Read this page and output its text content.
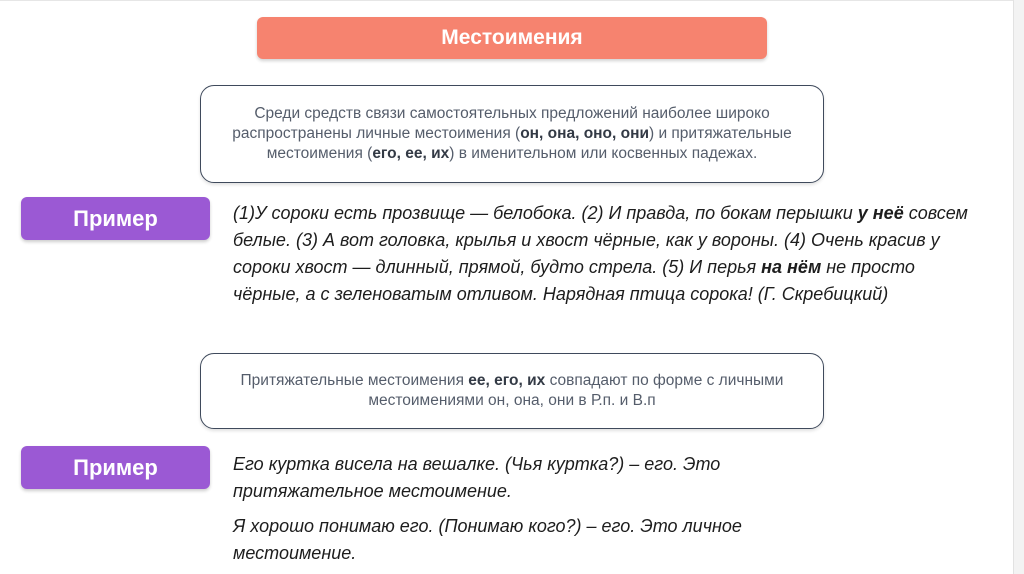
Местоимения
Среди средств связи самостоятельных предложений наиболее широко распространены личные местоимения (он, она, оно, они) и притяжательные местоимения (его, ее, их) в именительном или косвенных падежах.
Пример	(1)У сороки есть прозвище — белобока. (2) И правда, по бокам перышки у неё совсем белые. (3) А вот головка, крылья и хвост чёрные, как у вороны. (4) Очень красив у сороки хвост — длинный, прямой, будто стрела. (5) И перья на нём не просто чёрные, а с зеленоватым отливом. Нарядная птица сорока! (Г. Скребицкий)
Притяжательные местоимения ее, его, их совпадают по форме с личными местоимениями он, она, они в Р.п. и В.п
Пример	Его куртка висела на вешалке. (Чья куртка?) – его. Это притяжательное местоимение.
Я хорошо понимаю его. (Понимаю кого?) – его. Это личное местоимение.
